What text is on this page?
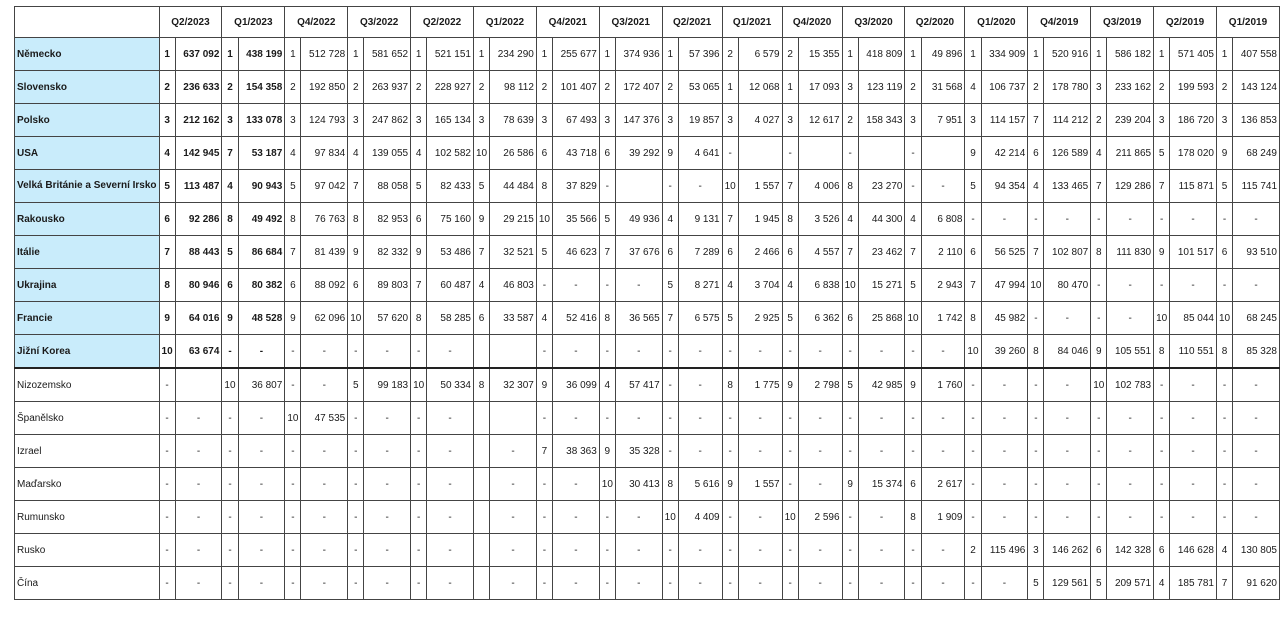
	Q2/2023		Q1/2023		Q4/2022		Q3/2022		Q2/2022		Q1/2022		Q4/2021		Q3/2021		Q2/2021		Q1/2021		Q4/2020		Q3/2020		Q2/2020		Q1/2020		Q4/2019		Q3/2019		Q2/2019		Q1/2019	
Německo	1	637 092	1	438 199	1	512 728	1	581 652	1	521 151	1	234 290	1	255 677	1	374 936	1	57 396	2	6 579	2	15 355	1	418 809	1	49 896	1	334 909	1	520 916	1	586 182	1	571 405	1	407 558
Slovensko	2	236 633	2	154 358	2	192 850	2	263 937	2	228 927	2	98 112	2	101 407	2	172 407	2	53 065	1	12 068	1	17 093	3	123 119	2	31 568	4	106 737	2	178 780	3	233 162	2	199 593	2	143 124
Polsko	3	212 162	3	133 078	3	124 793	3	247 862	3	165 134	3	78 639	3	67 493	3	147 376	3	19 857	3	4 027	3	12 617	2	158 343	3	7 951	3	114 157	7	114 212	2	239 204	3	186 720	3	136 853
USA	4	142 945	7	53 187	4	97 834	4	139 055	4	102 582	10	26 586	6	43 718	6	39 292	9	4 641	-		-		-		-		9	42 214	6	126 589	4	211 865	5	178 020	9	68 249
Velká Británie a Severní Irsko	5	113 487	4	90 943	5	97 042	7	88 058	5	82 433	5	44 484	8	37 829	-		-	-	10	1 557	7	4 006	8	23 270	-	-	5	94 354	4	133 465	7	129 286	7	115 871	5	115 741
Rakousko	6	92 286	8	49 492	8	76 763	8	82 953	6	75 160	9	29 215	10	35 566	5	49 936	4	9 131	7	1 945	8	3 526	4	44 300	4	6 808	-	-	-	-	-	-	-	-	-	-
Itálie	7	88 443	5	86 684	7	81 439	9	82 332	9	53 486	7	32 521	5	46 623	7	37 676	6	7 289	6	2 466	6	4 557	7	23 462	7	2 110	6	56 525	7	102 807	8	111 830	9	101 517	6	93 510
Ukrajina	8	80 946	6	80 382	6	88 092	6	89 803	7	60 487	4	46 803	-	-	-	-	5	8 271	4	3 704	4	6 838	10	15 271	5	2 943	7	47 994	10	80 470	-	-	-	-	-	-
Francie	9	64 016	9	48 528	9	62 096	10	57 620	8	58 285	6	33 587	4	52 416	8	36 565	7	6 575	5	2 925	5	6 362	6	25 868	10	1 742	8	45 982	-	-	-	-	10	85 044	10	68 245
Jižní Korea	10	63 674	-	-	-	-	-	-	-	-			-	-	-	-	-	-	-	-	-	-	-	-	-	-	10	39 260	8	84 046	9	105 551	8	110 551	8	85 328
Nizozemsko	-		10	36 807	-	-	5	99 183	10	50 334	8	32 307	9	36 099	4	57 417	-	-	8	1 775	9	2 798	5	42 985	9	1 760	-	-	-	-	10	102 783	-	-	-	-
Španělsko	-	-	-	-	10	47 535	-	-	-	-			-	-	-	-	-	-	-	-	-	-	-	-	-	-	-	-	-	-	-	-	-	-	-	-
Izrael	-	-	-	-	-	-	-	-	-	-		-	7	38 363	9	35 328	-	-	-	-	-	-	-	-	-	-	-	-	-	-	-	-	-	-	-	-
Maďarsko	-	-	-	-	-	-	-	-	-	-		-	-	-	10	30 413	8	5 616	9	1 557	-	-	9	15 374	6	2 617	-	-	-	-	-	-	-	-	-	-
Rumunsko	-	-	-	-	-	-	-	-	-	-		-	-	-	-	-	10	4 409	-	-	10	2 596	-	-	8	1 909	-	-	-	-	-	-	-	-	-	-
Rusko	-	-	-	-	-	-	-	-	-	-		-	-	-	-	-	-	-	-	-	-	-	-	-	-	-	2	115 496	3	146 262	6	142 328	6	146 628	4	130 805
Čína	-	-	-	-	-	-	-	-	-	-		-	-	-	-	-	-	-	-	-	-	-	-	-	-	-	-	-	5	129 561	5	209 571	4	185 781	7	91 620
